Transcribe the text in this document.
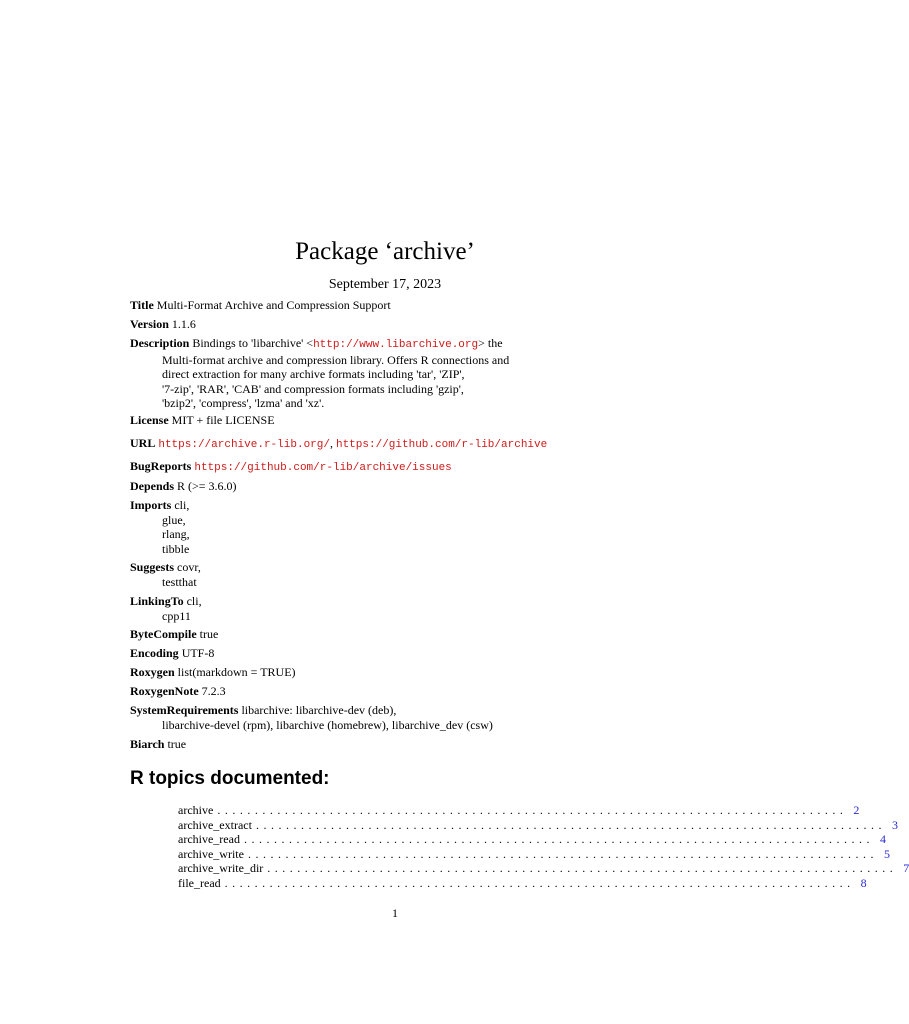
Package ‘archive’
September 17, 2023
Title Multi-Format Archive and Compression Support
Version 1.1.6
Description Bindings to 'libarchive' <http://www.libarchive.org> the
Multi-format archive and compression library. Offers R connections and
direct extraction for many archive formats including 'tar', 'ZIP',
'7-zip', 'RAR', 'CAB' and compression formats including 'gzip',
'bzip2', 'compress', 'lzma' and 'xz'.
License MIT + file LICENSE
URL https://archive.r-lib.org/, https://github.com/r-lib/archive
BugReports https://github.com/r-lib/archive/issues
Depends R (>= 3.6.0)
Imports cli,
glue,
rlang,
tibble
Suggests covr,
testthat
LinkingTo cli,
cpp11
ByteCompile true
Encoding UTF-8
Roxygen list(markdown = TRUE)
RoxygenNote 7.2.3
SystemRequirements libarchive: libarchive-dev (deb),
libarchive-devel (rpm), libarchive (homebrew), libarchive_dev (csw)
Biarch true
R topics documented:
archive .................................................................................... 2
archive_extract .................................................................................... 3
archive_read .................................................................................... 4
archive_write .................................................................................... 5
archive_write_dir .................................................................................... 7
file_read .................................................................................... 8
1
